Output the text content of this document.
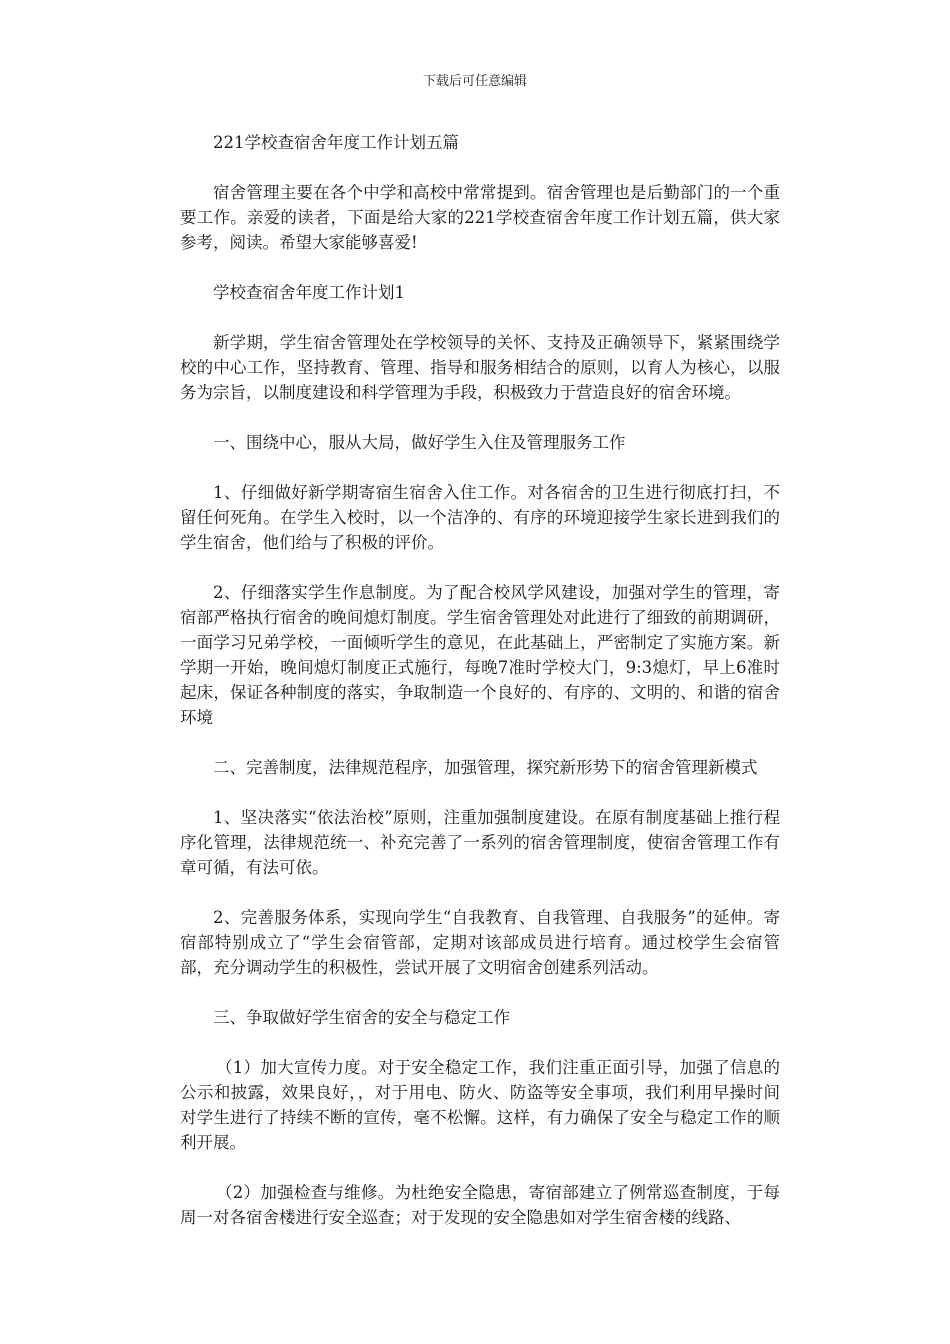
下载后可任意编辑

221学校查宿舍年度工作计划五篇

宿舍管理主要在各个中学和高校中常常提到。宿舍管理也是后勤部门的一个重要工作。亲爱的读者，下面是给大家的221学校查宿舍年度工作计划五篇，供大家参考，阅读。希望大家能够喜爱!

学校查宿舍年度工作计划1

新学期，学生宿舍管理处在学校领导的关怀、支持及正确领导下，紧紧围绕学校的中心工作，坚持教育、管理、指导和服务相结合的原则，以育人为核心，以服务为宗旨，以制度建设和科学管理为手段，积极致力于营造良好的宿舍环境。

一、围绕中心，服从大局，做好学生入住及管理服务工作

1、仔细做好新学期寄宿生宿舍入住工作。对各宿舍的卫生进行彻底打扫，不留任何死角。在学生入校时，以一个洁净的、有序的环境迎接学生家长进到我们的学生宿舍，他们给与了积极的评价。

2、仔细落实学生作息制度。为了配合校风学风建设，加强对学生的管理，寄宿部严格执行宿舍的晚间熄灯制度。学生宿舍管理处对此进行了细致的前期调研，一面学习兄弟学校，一面倾听学生的意见，在此基础上，严密制定了实施方案。新学期一开始，晚间熄灯制度正式施行，每晚7准时学校大门，9:3熄灯，早上6准时起床，保证各种制度的落实，争取制造一个良好的、有序的、文明的、和谐的宿舍环境

二、完善制度，法律规范程序，加强管理，探究新形势下的宿舍管理新模式

1、坚决落实“依法治校”原则，注重加强制度建设。在原有制度基础上推行程序化管理，法律规范统一、补充完善了一系列的宿舍管理制度，使宿舍管理工作有章可循，有法可依。

2、完善服务体系，实现向学生“自我教育、自我管理、自我服务”的延伸。寄宿部特别成立了“学生会宿管部，定期对该部成员进行培育。通过校学生会宿管部，充分调动学生的积极性，尝试开展了文明宿舍创建系列活动。

三、争取做好学生宿舍的安全与稳定工作

（1）加大宣传力度。对于安全稳定工作，我们注重正面引导，加强了信息的公示和披露，效果良好，，对于用电、防火、防盗等安全事项，我们利用早操时间对学生进行了持续不断的宣传，毫不松懈。这样，有力确保了安全与稳定工作的顺利开展。

（2）加强检查与维修。为杜绝安全隐患，寄宿部建立了例常巡查制度，于每周一对各宿舍楼进行安全巡查；对于发现的安全隐患如对学生宿舍楼的线路、
